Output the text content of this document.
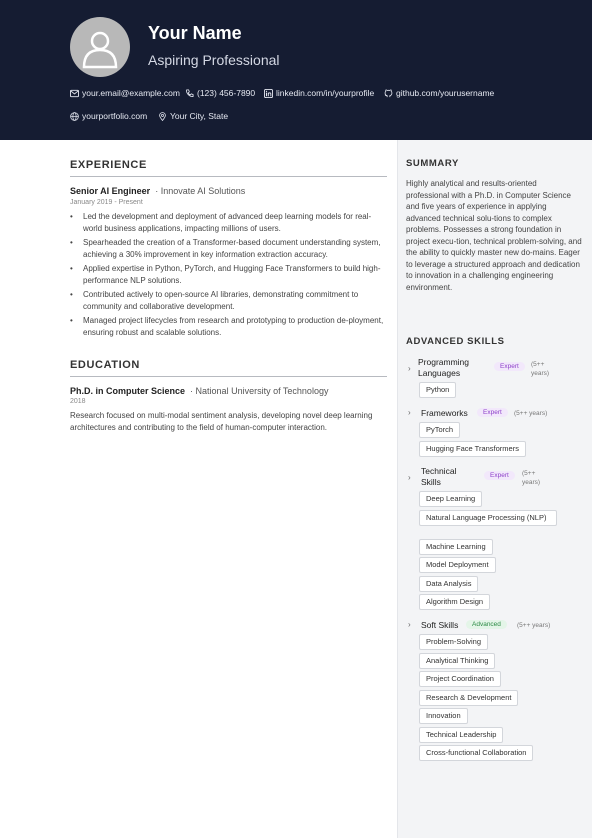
Your Name
Aspiring Professional
your.email@example.com (123) 456-7890 linkedin.com/in/yourprofile	github.com/yourusername
yourportfolio.com	Your City, State
EXPERIENCE
Senior AI Engineer · Innovate AI Solutions
January 2019 - Present
• Led the development and deployment of advanced deep learning models for real-world business applications, impacting millions of users.
• Spearheaded the creation of a Transformer-based document understanding system, achieving a 30% improvement in key information extraction accuracy.
• Applied expertise in Python, PyTorch, and Hugging Face Transformers to build high-performance NLP solutions.
• Contributed actively to open-source AI libraries, demonstrating commitment to community and collaborative development.
• Managed project lifecycles from research and prototyping to production de-ployment, ensuring robust and scalable solutions.
EDUCATION
Ph.D. in Computer Science · National University of Technology
2018
Research focused on multi-modal sentiment analysis, developing novel deep learning architectures and contributing to the field of human-computer interaction.
SUMMARY
Highly analytical and results-oriented professional with a Ph.D. in Computer Science and five years of experience in applying advanced technical solu-tions to complex problems. Possesses a strong foundation in project execu-tion, technical problem-solving, and the ability to quickly master new do-mains. Eager to leverage a structured approach and dedication to innovation in a challenging engineering environment.
ADVANCED SKILLS
›
Programming Languages
Expert	(5++ years)
Python
› Frameworks	Expert	(5++ years)
PyTorch
Hugging Face Transformers
›
Technical Skills
Expert	(5++ years)
Deep Learning
Natural Language Processing (NLP)
Machine Learning
Model Deployment
Data Analysis
Algorithm Design
› Soft Skills	Advanced	(5++ years)
Problem-Solving
Analytical Thinking
Project Coordination
Research & Development
Innovation
Technical Leadership
Cross-functional Collaboration
